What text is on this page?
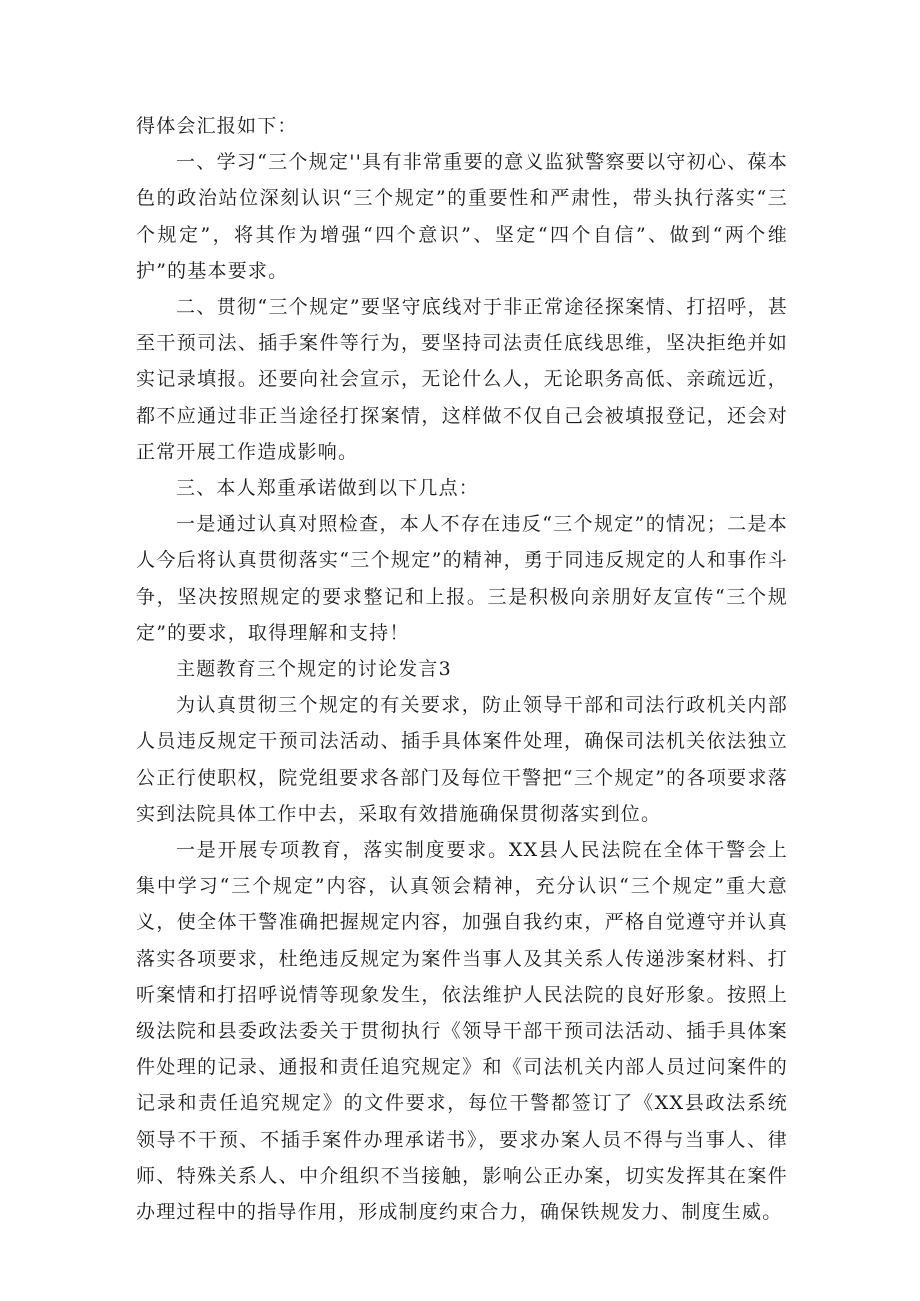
得体会汇报如下：

一、学习“三个规定''具有非常重要的意义监狱警察要以守初心、葆本色的政治站位深刻认识“三个规定”的重要性和严肃性，带头执行落实“三个规定”，将其作为增强“四个意识”、坚定“四个自信”、做到“两个维护”的基本要求。

二、贯彻“三个规定”要坚守底线对于非正常途径探案情、打招呼，甚至干预司法、插手案件等行为，要坚持司法责任底线思维，坚决拒绝并如实记录填报。还要向社会宣示，无论什么人，无论职务高低、亲疏远近，都不应通过非正当途径打探案情，这样做不仅自己会被填报登记，还会对正常开展工作造成影响。

三、本人郑重承诺做到以下几点：

一是通过认真对照检查，本人不存在违反“三个规定”的情况；二是本人今后将认真贯彻落实“三个规定”的精神，勇于同违反规定的人和事作斗争，坚决按照规定的要求整记和上报。三是积极向亲朋好友宣传“三个规定”的要求，取得理解和支持！

主题教育三个规定的讨论发言3

为认真贯彻三个规定的有关要求，防止领导干部和司法行政机关内部人员违反规定干预司法活动、插手具体案件处理，确保司法机关依法独立公正行使职权，院党组要求各部门及每位干警把“三个规定”的各项要求落实到法院具体工作中去，采取有效措施确保贯彻落实到位。

一是开展专项教育，落实制度要求。XX县人民法院在全体干警会上集中学习“三个规定”内容，认真领会精神，充分认识“三个规定”重大意义，使全体干警准确把握规定内容，加强自我约束，严格自觉遵守并认真落实各项要求，杜绝违反规定为案件当事人及其关系人传递涉案材料、打听案情和打招呼说情等现象发生，依法维护人民法院的良好形象。按照上级法院和县委政法委关于贯彻执行《领导干部干预司法活动、插手具体案件处理的记录、通报和责任追究规定》和《司法机关内部人员过问案件的记录和责任追究规定》的文件要求，每位干警都签订了《XX县政法系统领导不干预、不插手案件办理承诺书》，要求办案人员不得与当事人、律师、特殊关系人、中介组织不当接触，影响公正办案，切实发挥其在案件办理过程中的指导作用，形成制度约束合力，确保铁规发力、制度生威。
